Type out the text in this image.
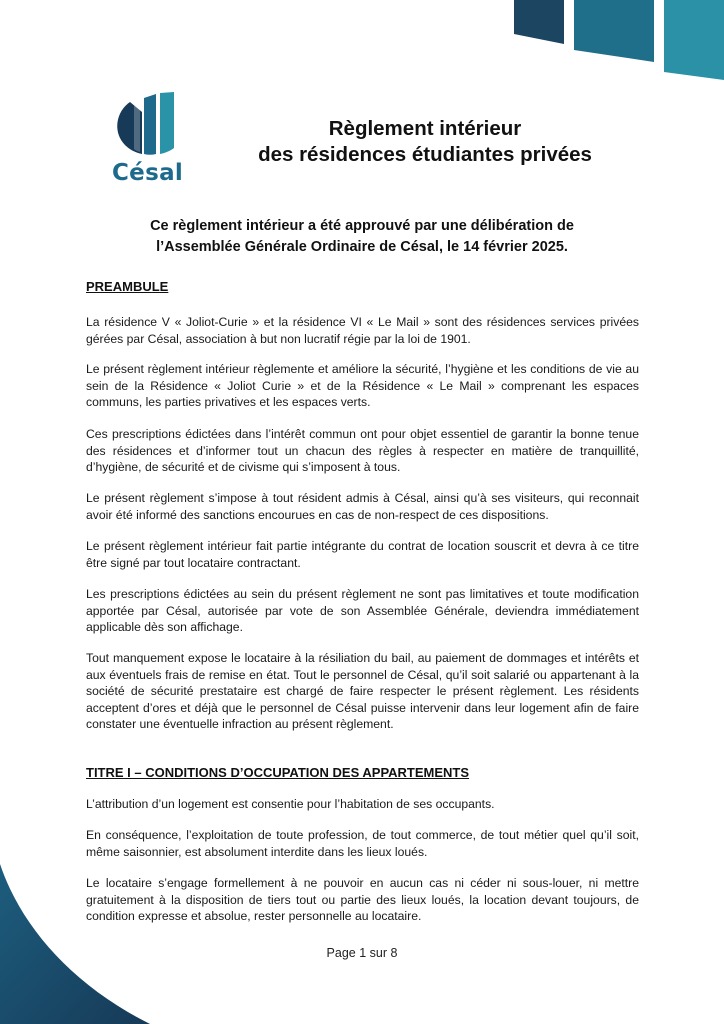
Césal
Règlement intérieur
des résidences étudiantes privées
Ce règlement intérieur a été approuvé par une délibération de
l’Assemblée Générale Ordinaire de Césal, le 14 février 2025.
PREAMBULE

La résidence V « Joliot-Curie » et la résidence VI « Le Mail » sont des résidences services privées gérées par Césal, association à but non lucratif régie par la loi de 1901.

Le présent règlement intérieur règlemente et améliore la sécurité, l’hygiène et les conditions de vie au sein de la Résidence « Joliot Curie » et de la Résidence « Le Mail » comprenant les espaces communs, les parties privatives et les espaces verts.

Ces prescriptions édictées dans l’intérêt commun ont pour objet essentiel de garantir la bonne tenue des résidences et d’informer tout un chacun des règles à respecter en matière de tranquillité, d’hygiène, de sécurité et de civisme qui s’imposent à tous.

Le présent règlement s’impose à tout résident admis à Césal, ainsi qu’à ses visiteurs, qui reconnait avoir été informé des sanctions encourues en cas de non-respect de ces dispositions.

Le présent règlement intérieur fait partie intégrante du contrat de location souscrit et devra à ce titre être signé par tout locataire contractant.

Les prescriptions édictées au sein du présent règlement ne sont pas limitatives et toute modification apportée par Césal, autorisée par vote de son Assemblée Générale, deviendra immédiatement applicable dès son affichage.

Tout manquement expose le locataire à la résiliation du bail, au paiement de dommages et intérêts et aux éventuels frais de remise en état. Tout le personnel de Césal, qu’il soit salarié ou appartenant à la société de sécurité prestataire est chargé de faire respecter le présent règlement. Les résidents acceptent d’ores et déjà que le personnel de Césal puisse intervenir dans leur logement afin de faire constater une éventuelle infraction au présent règlement.

TITRE I – CONDITIONS D’OCCUPATION DES APPARTEMENTS

L’attribution d’un logement est consentie pour l’habitation de ses occupants.

En conséquence, l’exploitation de toute profession, de tout commerce, de tout métier quel qu’il soit, même saisonnier, est absolument interdite dans les lieux loués.

Le locataire s’engage formellement à ne pouvoir en aucun cas ni céder ni sous-louer, ni mettre gratuitement à la disposition de tiers tout ou partie des lieux loués, la location devant toujours, de condition expresse et absolue, rester personnelle au locataire.

Page 1 sur 8
